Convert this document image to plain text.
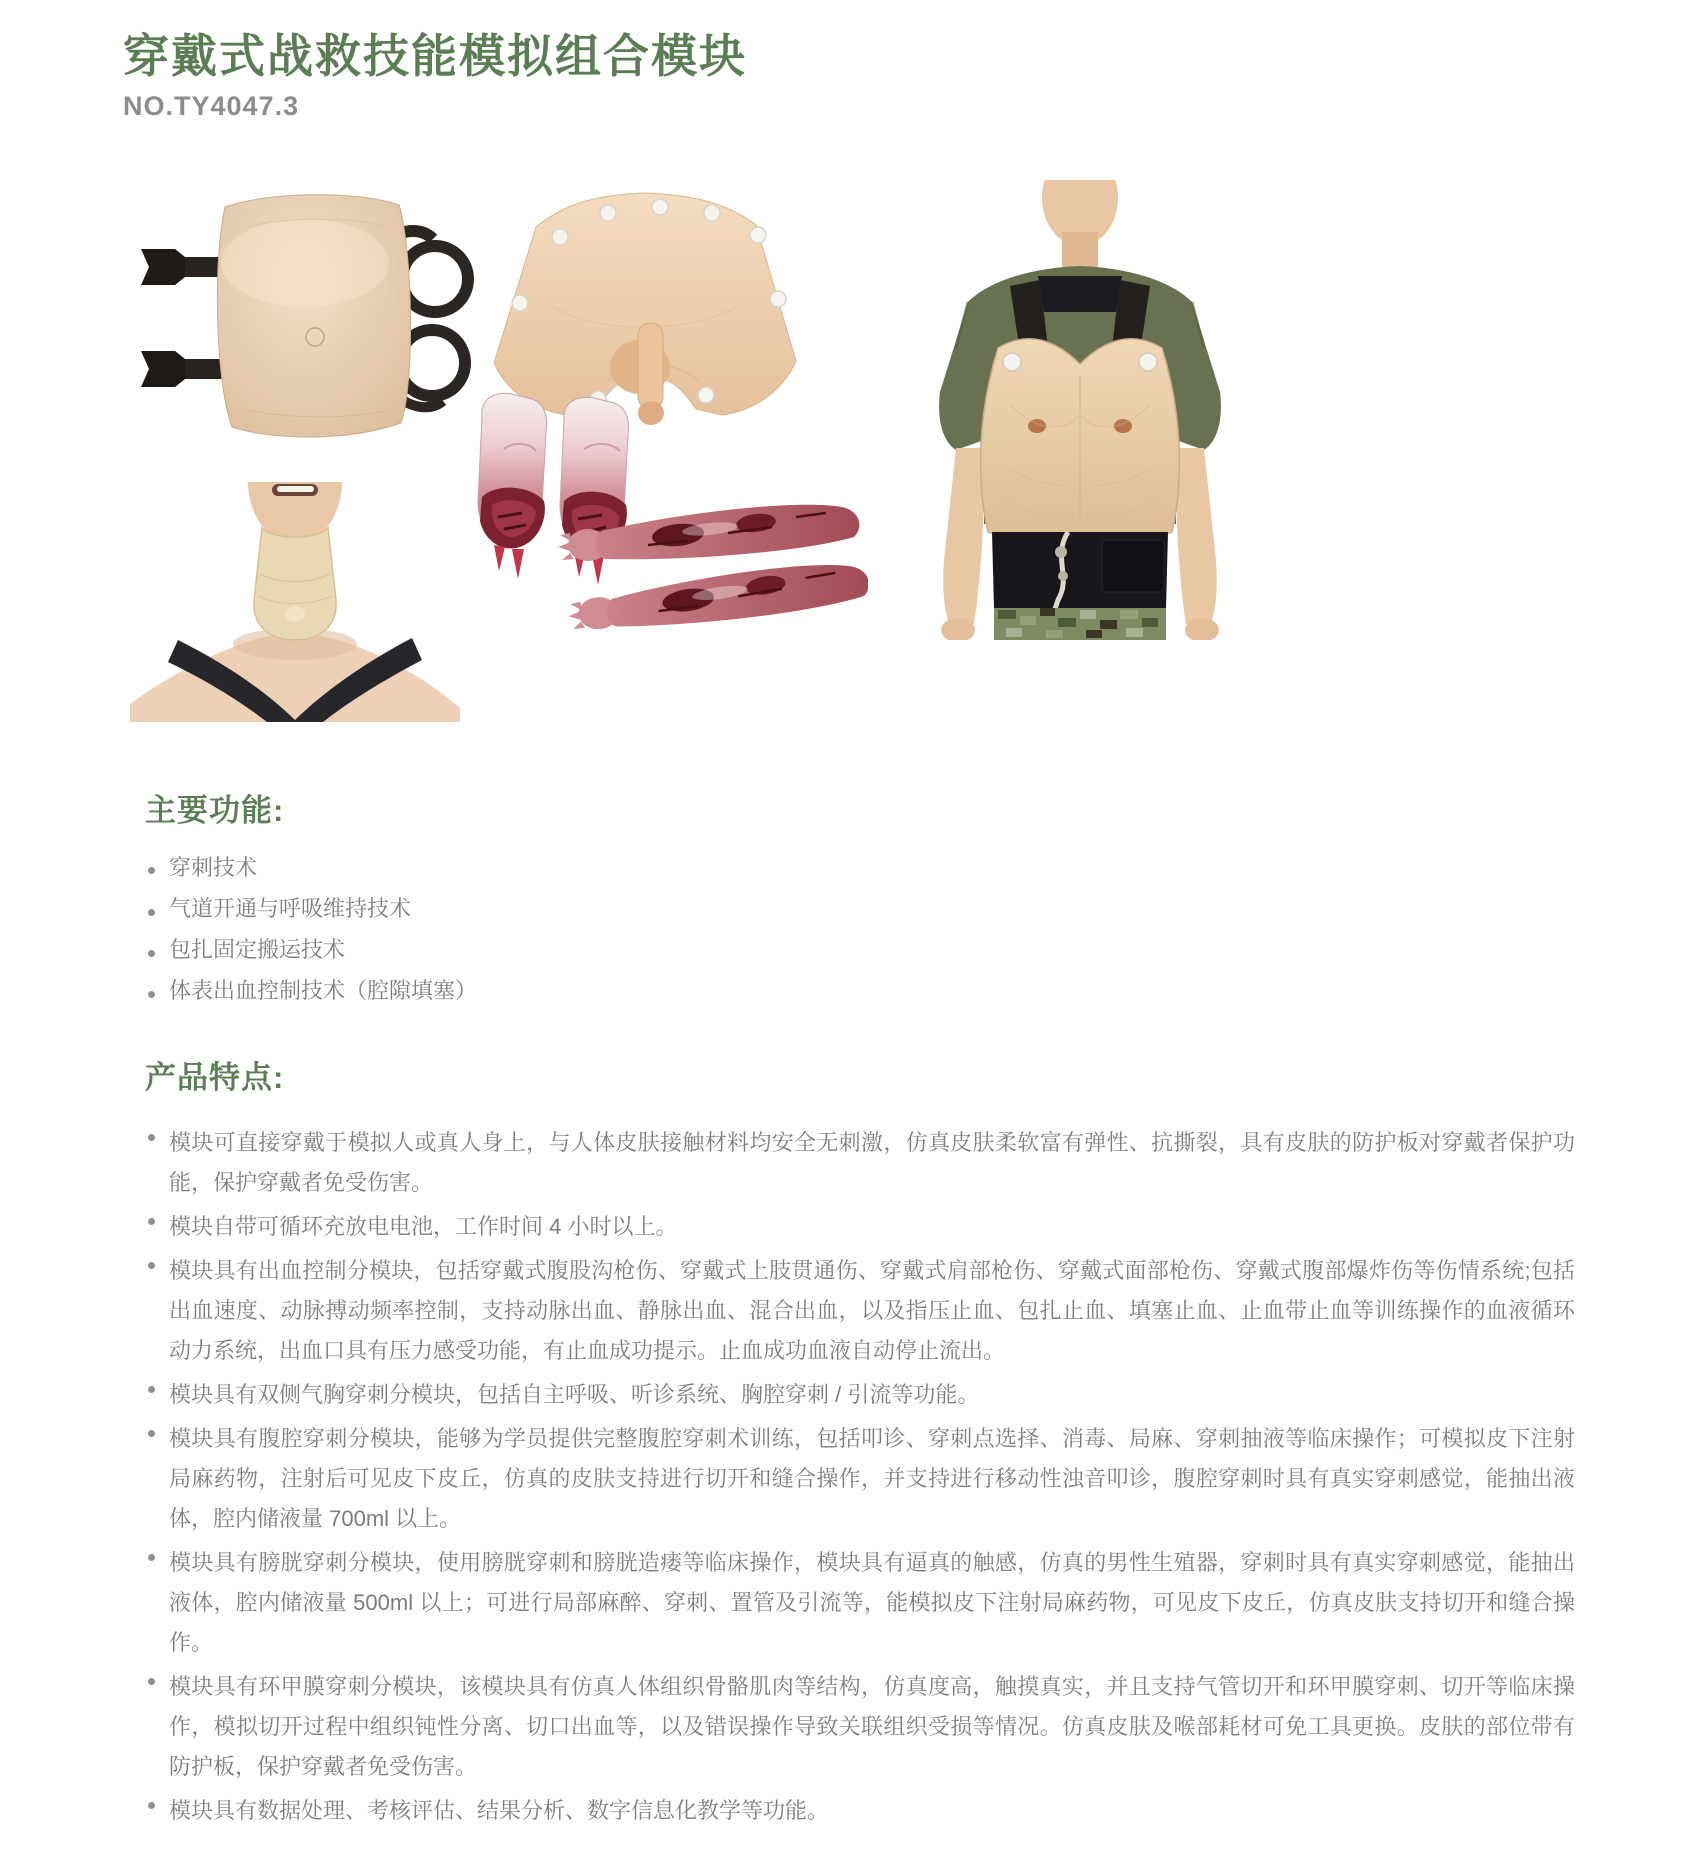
穿戴式战救技能模拟组合模块
NO.TY4047.3
主要功能:
穿刺技术
气道开通与呼吸维持技术
包扎固定搬运技术
体表出血控制技术（腔隙填塞）
产品特点:
模块可直接穿戴于模拟人或真人身上，与人体皮肤接触材料均安全无刺激，仿真皮肤柔软富有弹性、抗撕裂，具有皮肤的防护板对穿戴者保护功能，保护穿戴者免受伤害。
模块自带可循环充放电电池，工作时间 4 小时以上。
模块具有出血控制分模块，包括穿戴式腹股沟枪伤、穿戴式上肢贯通伤、穿戴式肩部枪伤、穿戴式面部枪伤、穿戴式腹部爆炸伤等伤情系统;包括出血速度、动脉搏动频率控制，支持动脉出血、静脉出血、混合出血，以及指压止血、包扎止血、填塞止血、止血带止血等训练操作的血液循环动力系统，出血口具有压力感受功能，有止血成功提示。止血成功血液自动停止流出。
模块具有双侧气胸穿刺分模块，包括自主呼吸、听诊系统、胸腔穿刺 / 引流等功能。
模块具有腹腔穿刺分模块，能够为学员提供完整腹腔穿刺术训练，包括叩诊、穿刺点选择、消毒、局麻、穿刺抽液等临床操作；可模拟皮下注射局麻药物，注射后可见皮下皮丘，仿真的皮肤支持进行切开和缝合操作，并支持进行移动性浊音叩诊，腹腔穿刺时具有真实穿刺感觉，能抽出液体，腔内储液量 700ml 以上。
模块具有膀胱穿刺分模块，使用膀胱穿刺和膀胱造瘘等临床操作，模块具有逼真的触感，仿真的男性生殖器，穿刺时具有真实穿刺感觉，能抽出液体，腔内储液量 500ml 以上；可进行局部麻醉、穿刺、置管及引流等，能模拟皮下注射局麻药物，可见皮下皮丘，仿真皮肤支持切开和缝合操作。
模块具有环甲膜穿刺分模块，该模块具有仿真人体组织骨骼肌肉等结构，仿真度高，触摸真实，并且支持气管切开和环甲膜穿刺、切开等临床操作，模拟切开过程中组织钝性分离、切口出血等，以及错误操作导致关联组织受损等情况。仿真皮肤及喉部耗材可免工具更换。皮肤的部位带有防护板，保护穿戴者免受伤害。
模块具有数据处理、考核评估、结果分析、数字信息化教学等功能。
